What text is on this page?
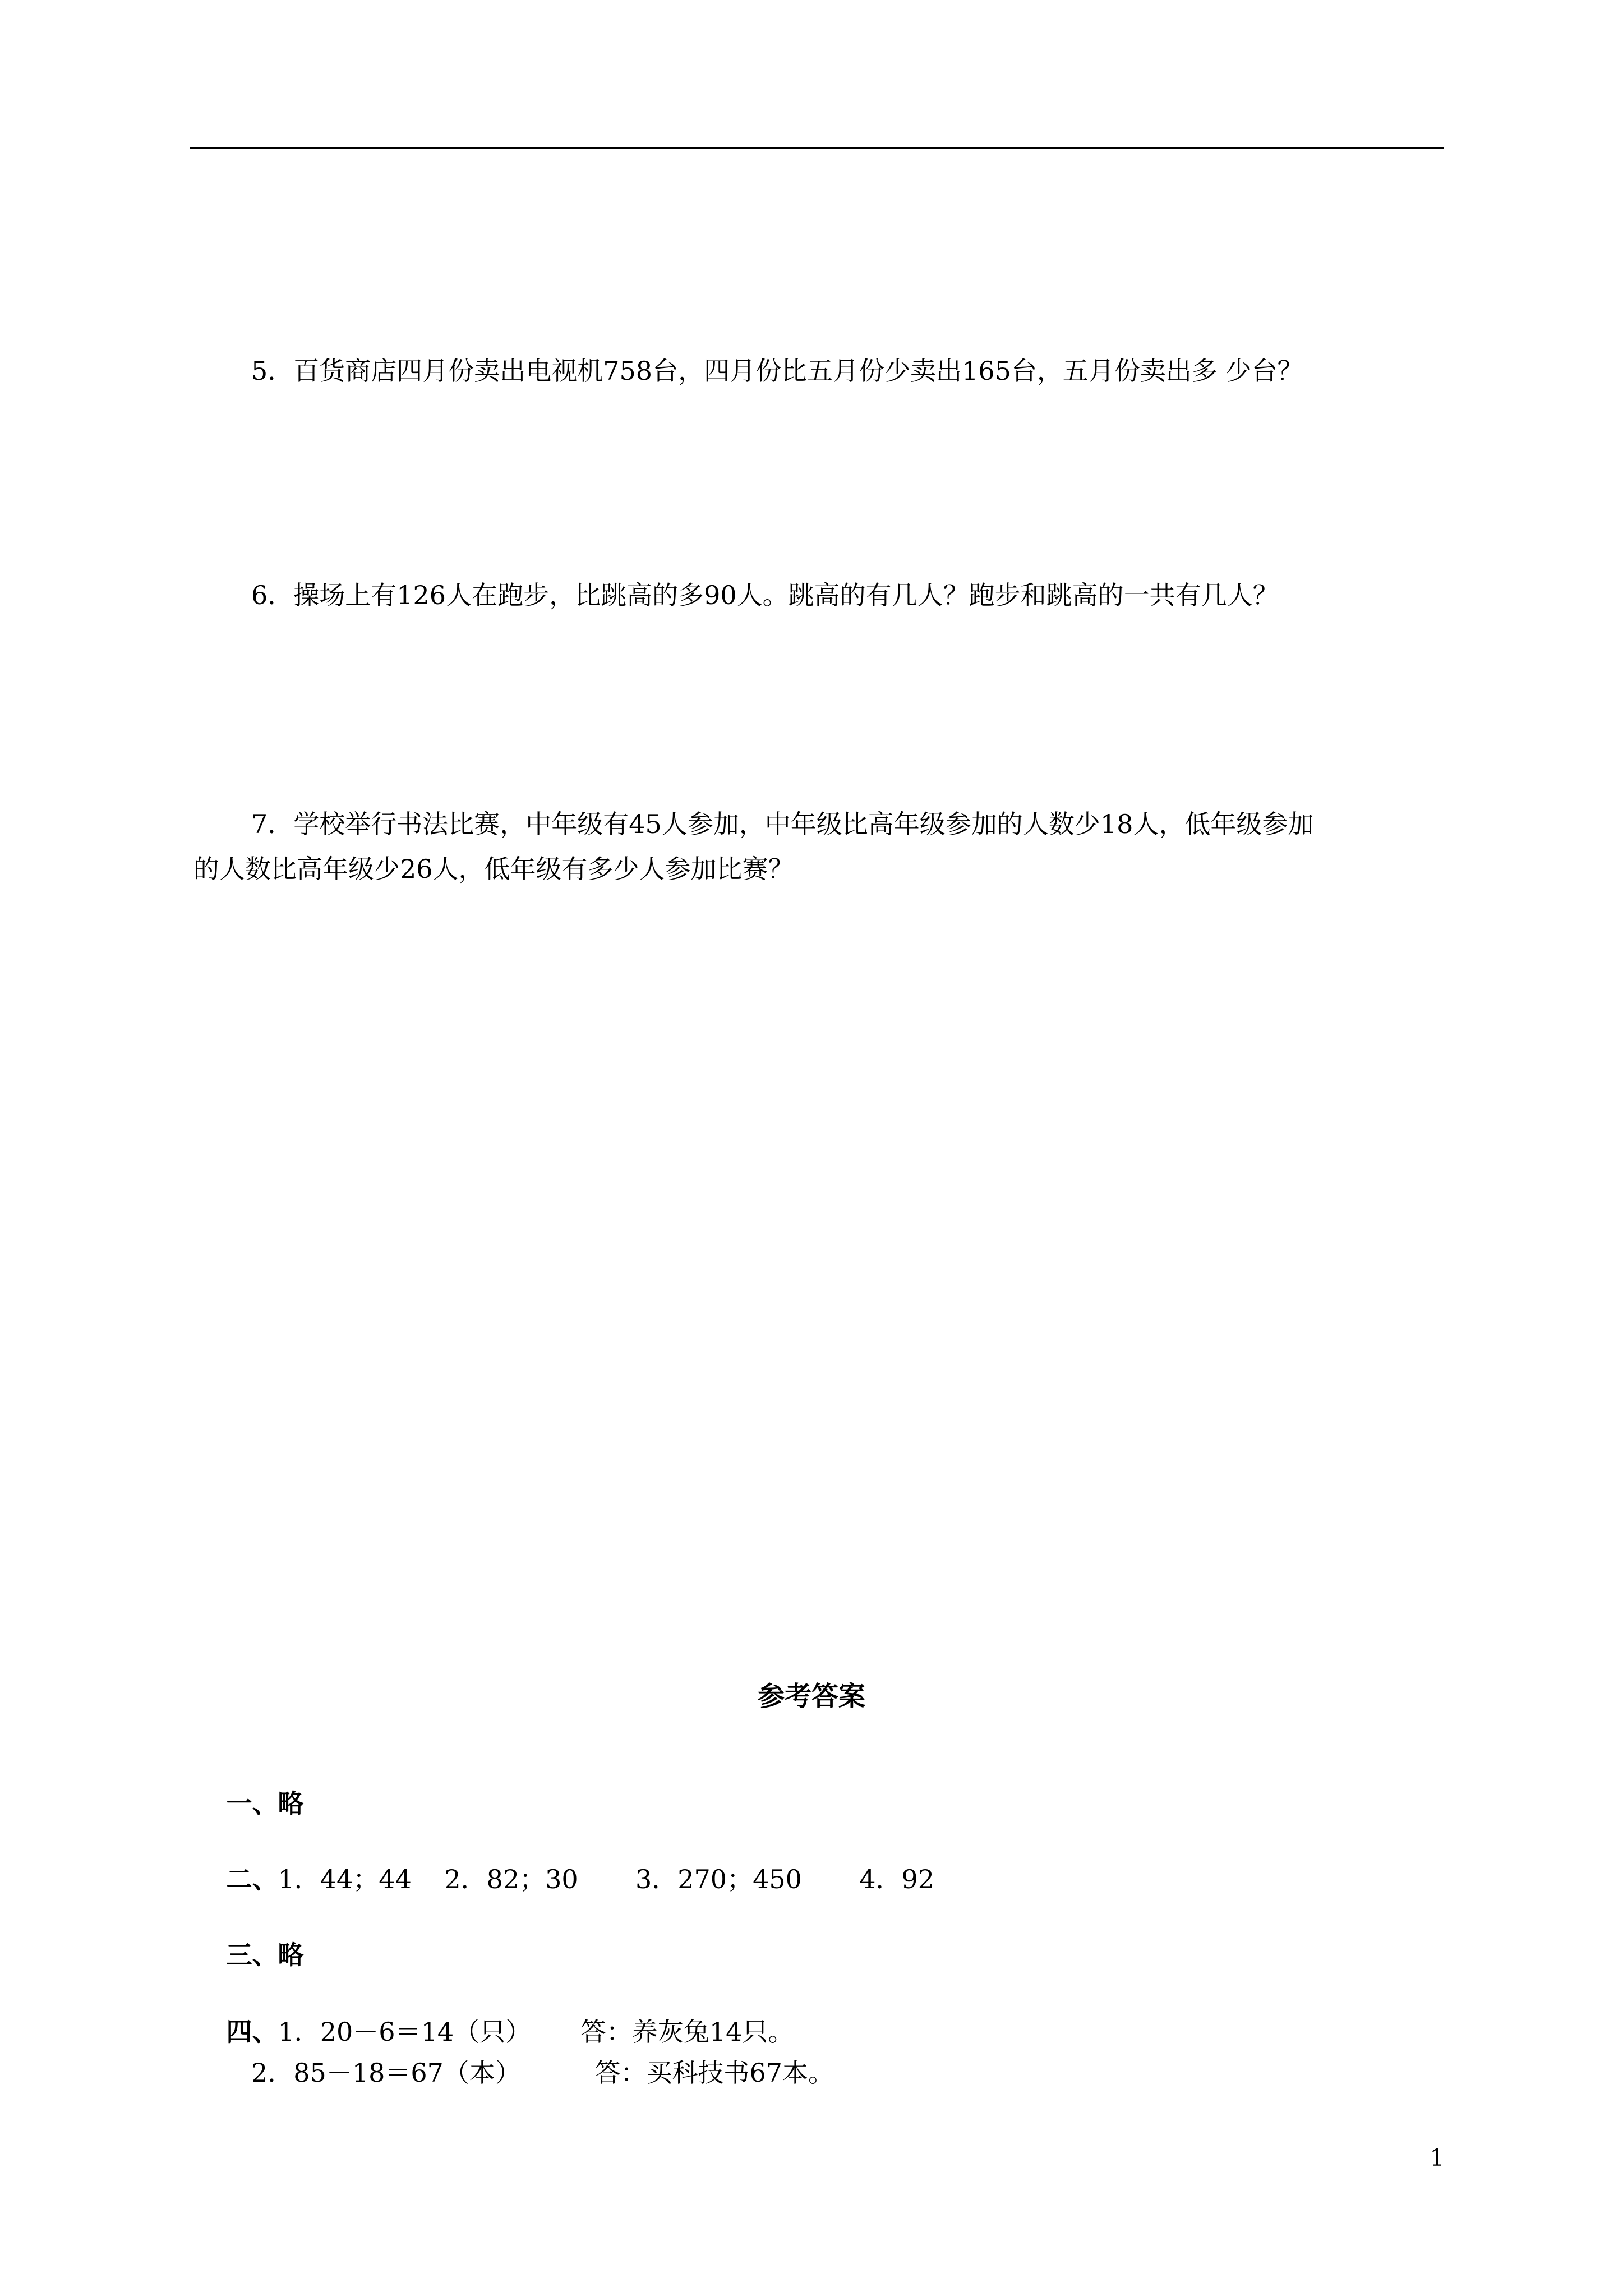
5．百货商店四月份卖出电视机758台，四月份比五月份少卖出165台，五月份卖出多 少台？
6．操场上有126人在跑步，比跳高的多90人。跳高的有几人？跑步和跳高的一共有几人？
7．学校举行书法比赛，中年级有45人参加，中年级比高年级参加的人数少18人，低年级参加
的人数比高年级少26人，低年级有多少人参加比赛？
参考答案

一、略

二、1．44；44    2．82；30       3．270；450       4．92

三、略

四、1．20－6＝14（只）      答：养灰兔14只。

2．85－18＝67（本）         答：买科技书67本。
1
